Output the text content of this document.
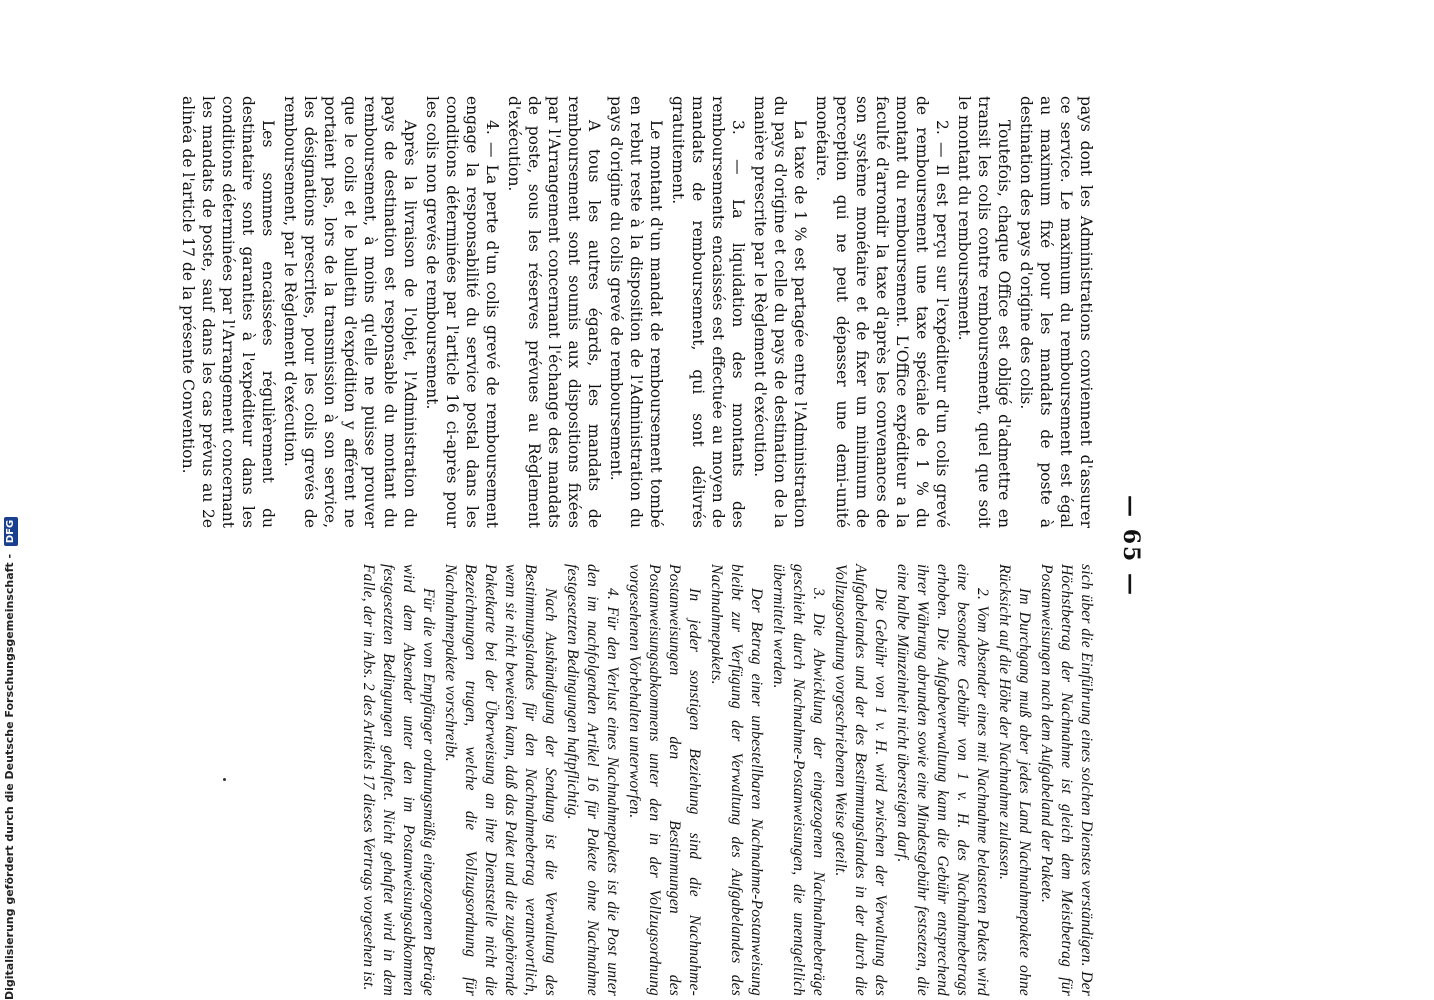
— 65 —

pays dont les Administrations conviennent d'assurer ce service. Le maximum du remboursement est égal au maximum fixé pour les mandats de poste à destination des pays d'origine des colis.

Toutefois, chaque Office est obligé d'admettre en transit les colis contre remboursement, quel que soit le montant du remboursement.

2. — Il est perçu sur l'expéditeur d'un colis grevé de remboursement une taxe spéciale de 1 % du montant du remboursement. L'Office expéditeur a la faculté d'arrondir la taxe d'après les convenances de son système monétaire et de fixer un minimum de perception qui ne peut dépasser une demi-unité monétaire.

La taxe de 1 % est partagée entre l'Administration du pays d'origine et celle du pays de destination de la manière prescrite par le Règlement d'exécution.

3. — La liquidation des montants des remboursements encaissés est effectuée au moyen de mandats de remboursement, qui sont délivrés gratuitement.

Le montant d'un mandat de remboursement tombé en rebut reste à la disposition de l'Administration du pays d'origine du colis grevé de remboursement.

A tous les autres égards, les mandats de remboursement sont soumis aux dispositions fixées par l'Arrangement concernant l'échange des mandats de poste, sous les réserves prévues au Règlement d'exécution.

4. — La perte d'un colis grevé de remboursement engage la responsabilité du service postal dans les conditions déterminées par l'article 16 ci-après pour les colis non grevés de remboursement.

Après la livraison de l'objet, l'Administration du pays de destination est responsable du montant du remboursement, à moins qu'elle ne puisse prouver que le colis et le bulletin d'expédition y afférent ne portaient pas, lors de la transmission à son service, les désignations prescrites, pour les colis grevés de remboursement, par le Règlement d'exécution.

Les sommes encaissées régulièrement du destinataire sont garanties à l'expéditeur dans les conditions déterminées par l'Arrangement concernant les mandats de poste, sauf dans les cas prévus au 2e alinéa de l'article 17 de la présente Convention.

sich über die Einführung eines solchen Dienstes verständigen. Der Höchstbetrag der Nachnahme ist gleich dem Meistbetrag für Postanweisungen nach dem Aufgabeland der Pakete.

Im Durchgang muß aber jedes Land Nachnahmepakete ohne Rücksicht auf die Höhe der Nachnahme zulassen.

2. Vom Absender eines mit Nachnahme belasteten Pakets wird eine besondere Gebühr von 1 v. H. des Nachnahmebetrags erhoben. Die Aufgabeverwaltung kann die Gebühr entsprechend ihrer Währung abrunden sowie eine Mindestgebühr festsetzen, die eine halbe Münzeinheit nicht übersteigen darf.

Die Gebühr von 1 v. H. wird zwischen der Verwaltung des Aufgabelandes und der des Bestimmungslandes in der durch die Vollzugsordnung vorgeschriebenen Weise geteilt.

3. Die Abwicklung der eingezogenen Nachnahmebeträge geschieht durch Nachnahme-Postanweisungen, die unentgeltlich übermittelt werden.

Der Betrag einer unbestellbaren Nachnahme-Postanweisung bleibt zur Verfügung der Verwaltung des Aufgabelandes des Nachnahmepakets.

In jeder sonstigen Beziehung sind die Nachnahme-Postanweisungen den Bestimmungen des Postanweisungsabkommens unter den in der Vollzugsordnung vorgesehenen Vorbehalten unterworfen.

4. Für den Verlust eines Nachnahmepakets ist die Post unter den im nachfolgenden Artikel 16 für Pakete ohne Nachnahme festgesetzten Bedingungen haftpflichtig.

Nach Aushändigung der Sendung ist die Verwaltung des Bestimmungslandes für den Nachnahmebetrag verantwortlich, wenn sie nicht beweisen kann, daß das Paket und die zugehörende Paketkarte bei der Überweisung an ihre Dienststelle nicht die Bezeichnungen trugen, welche die Vollzugsordnung für Nachnahmepakete vorschreibt.

Für die vom Empfänger ordnungsmäßig eingezogenen Beträge wird dem Absender unter den im Postanweisungsabkommen festgesetzten Bedingungen gehaftet. Nicht gehaftet wird in dem Falle, der im Abs. 2 des Artikels 17 dieses Vertrags vorgesehen ist.

Digitalisierung gefördert durch die Deutsche Forschungsgemeinschaft - DFG
